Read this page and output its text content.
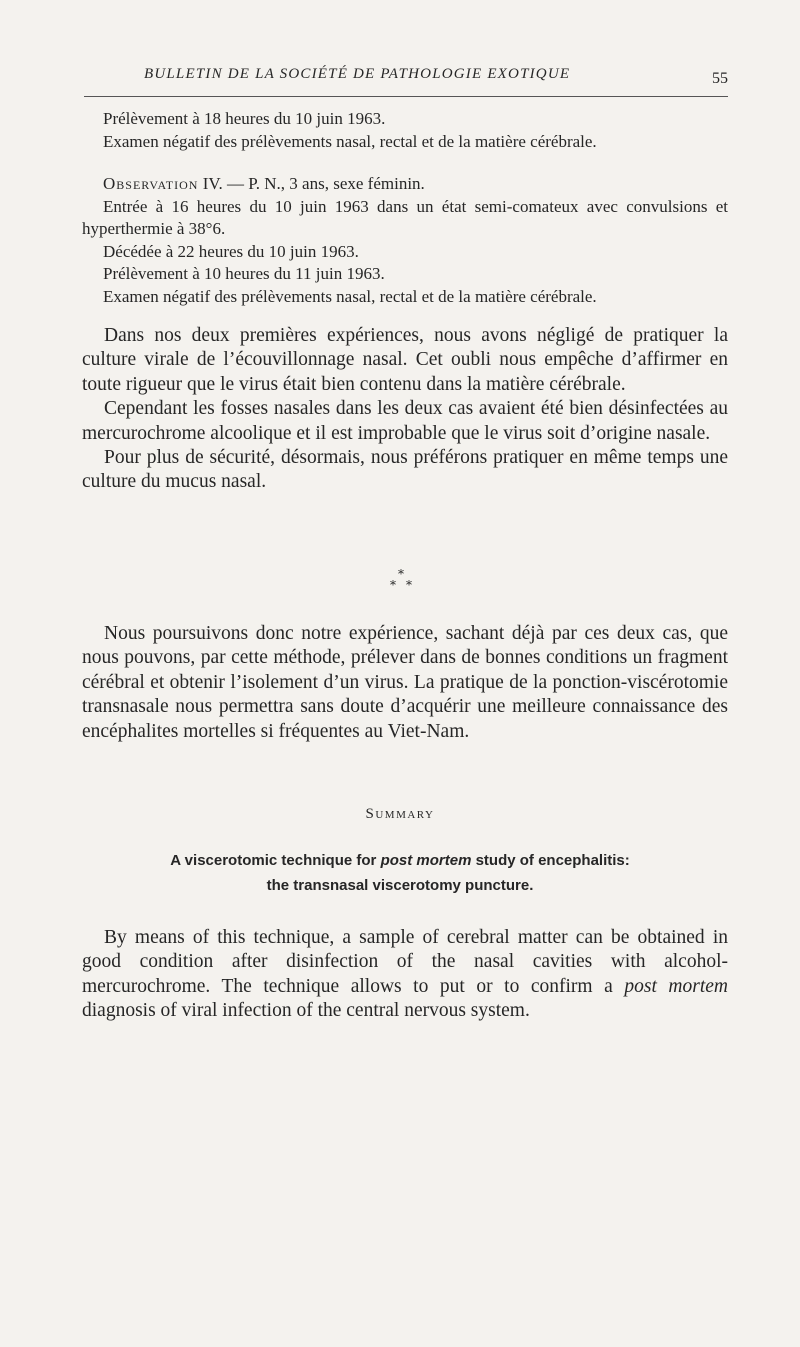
BULLETIN DE LA SOCIÉTÉ DE PATHOLOGIE EXOTIQUE	55

Prélèvement à 18 heures du 10 juin 1963.

Examen négatif des prélèvements nasal, rectal et de la matière cérébrale.

Observation IV. — P. N., 3 ans, sexe féminin.

Entrée à 16 heures du 10 juin 1963 dans un état semi-comateux avec convulsions et hyperthermie à 38°6.

Décédée à 22 heures du 10 juin 1963.

Prélèvement à 10 heures du 11 juin 1963.

Examen négatif des prélèvements nasal, rectal et de la matière cérébrale.

Dans nos deux premières expériences, nous avons négligé de pratiquer la culture virale de l’écouvillonnage nasal. Cet oubli nous empêche d’affirmer en toute rigueur que le virus était bien contenu dans la matière cérébrale.

Cependant les fosses nasales dans les deux cas avaient été bien désinfectées au mercurochrome alcoolique et il est improbable que le virus soit d’origine nasale.

Pour plus de sécurité, désormais, nous préférons pratiquer en même temps une culture du mucus nasal.

*
* *

Nous poursuivons donc notre expérience, sachant déjà par ces deux cas, que nous pouvons, par cette méthode, prélever dans de bonnes conditions un fragment cérébral et obtenir l’isolement d’un virus. La pratique de la ponction-viscérotomie transnasale nous permettra sans doute d’acquérir une meilleure connaissance des encéphalites mortelles si fréquentes au Viet-Nam.

Summary
A viscerotomic technique for post mortem study of encephalitis:
the transnasal viscerotomy puncture.

By means of this technique, a sample of cerebral matter can be obtained in good condition after disinfection of the nasal cavities with alcohol-mercurochrome. The technique allows to put or to confirm a post mortem diagnosis of viral infection of the central nervous system.
